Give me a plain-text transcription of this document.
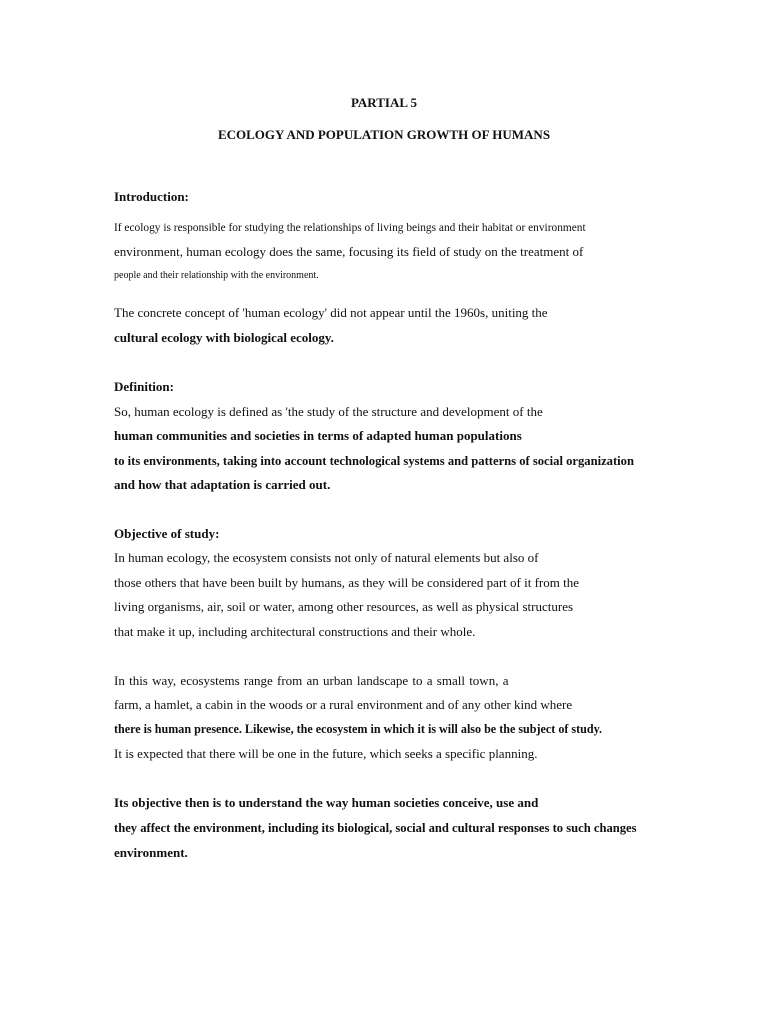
PARTIAL 5
ECOLOGY AND POPULATION GROWTH OF HUMANS
Introduction:
If ecology is responsible for studying the relationships of living beings and their habitat or environment
environment, human ecology does the same, focusing its field of study on the treatment of
people and their relationship with the environment.
The concrete concept of 'human ecology' did not appear until the 1960s, uniting the
cultural ecology with biological ecology.
Definition:
So, human ecology is defined as 'the study of the structure and development of the
human communities and societies in terms of adapted human populations
to its environments, taking into account technological systems and patterns of social organization
and how that adaptation is carried out.
Objective of study:
In human ecology, the ecosystem consists not only of natural elements but also of
those others that have been built by humans, as they will be considered part of it from the
living organisms, air, soil or water, among other resources, as well as physical structures
that make it up, including architectural constructions and their whole.
In this way, ecosystems range from an urban landscape to a small town, a
farm, a hamlet, a cabin in the woods or a rural environment and of any other kind where
there is human presence. Likewise, the ecosystem in which it is will also be the subject of study.
It is expected that there will be one in the future, which seeks a specific planning.
Its objective then is to understand the way human societies conceive, use and
they affect the environment, including its biological, social and cultural responses to such changes
environment.
